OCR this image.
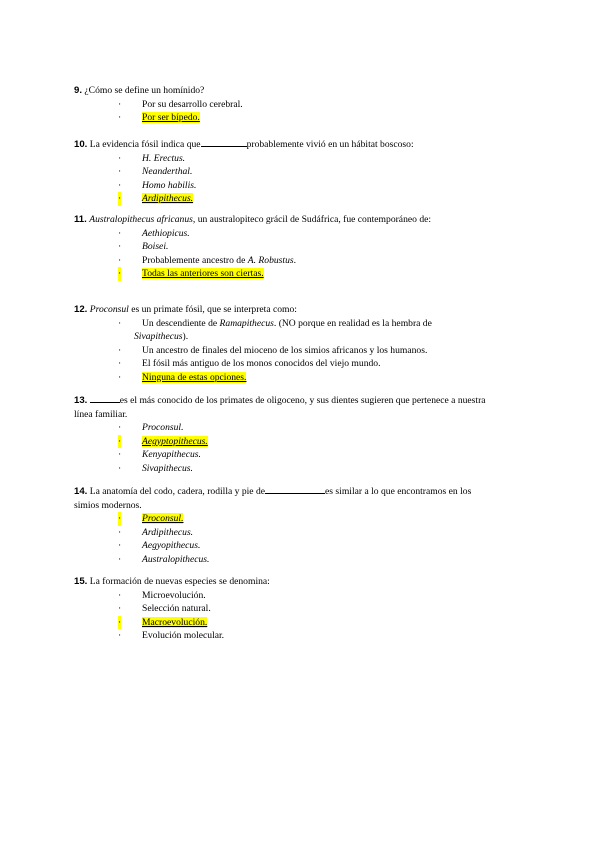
9. ¿Cómo se define un homínido?

· Por su desarrollo cerebral.
· Por ser bípedo.

10. La evidencia fósil indica que	probablemente vivió en un hábitat boscoso:

· H. Erectus.
· Neanderthal.
· Homo habilis.
· Ardipithecus.

11. Australopithecus africanus, un australopiteco grácil de Sudáfrica, fue contemporáneo de:

· Aethiopicus.
· Boisei.
· Probablemente ancestro de A. Robustus.
· Todas las anteriores son ciertas.

12. Proconsul es un primate fósil, que se interpreta como:

· Un descendiente de Ramapithecus. (NO porque en realidad es la hembra de
Sivapithecus).
· Un ancestro de finales del mioceno de los simios africanos y los humanos.
· El fósil más antiguo de los monos conocidos del viejo mundo.
· Ninguna de estas opciones.

13.	es el más conocido de los primates de oligoceno, y sus dientes sugieren que pertenece a nuestra
línea familiar.

· Proconsul.
· Aegyptopithecus.
· Kenyapithecus.
· Sivapithecus.

14. La anatomía del codo, cadera, rodilla y pie de	es similar a lo que encontramos en los
simios modernos.

· Proconsul.
· Ardipithecus.
· Aegyopithecus.
· Australopithecus.

15. La formación de nuevas especies se denomina:

· Microevolución.
· Selección natural.
· Macroevolución.
· Evolución molecular.
